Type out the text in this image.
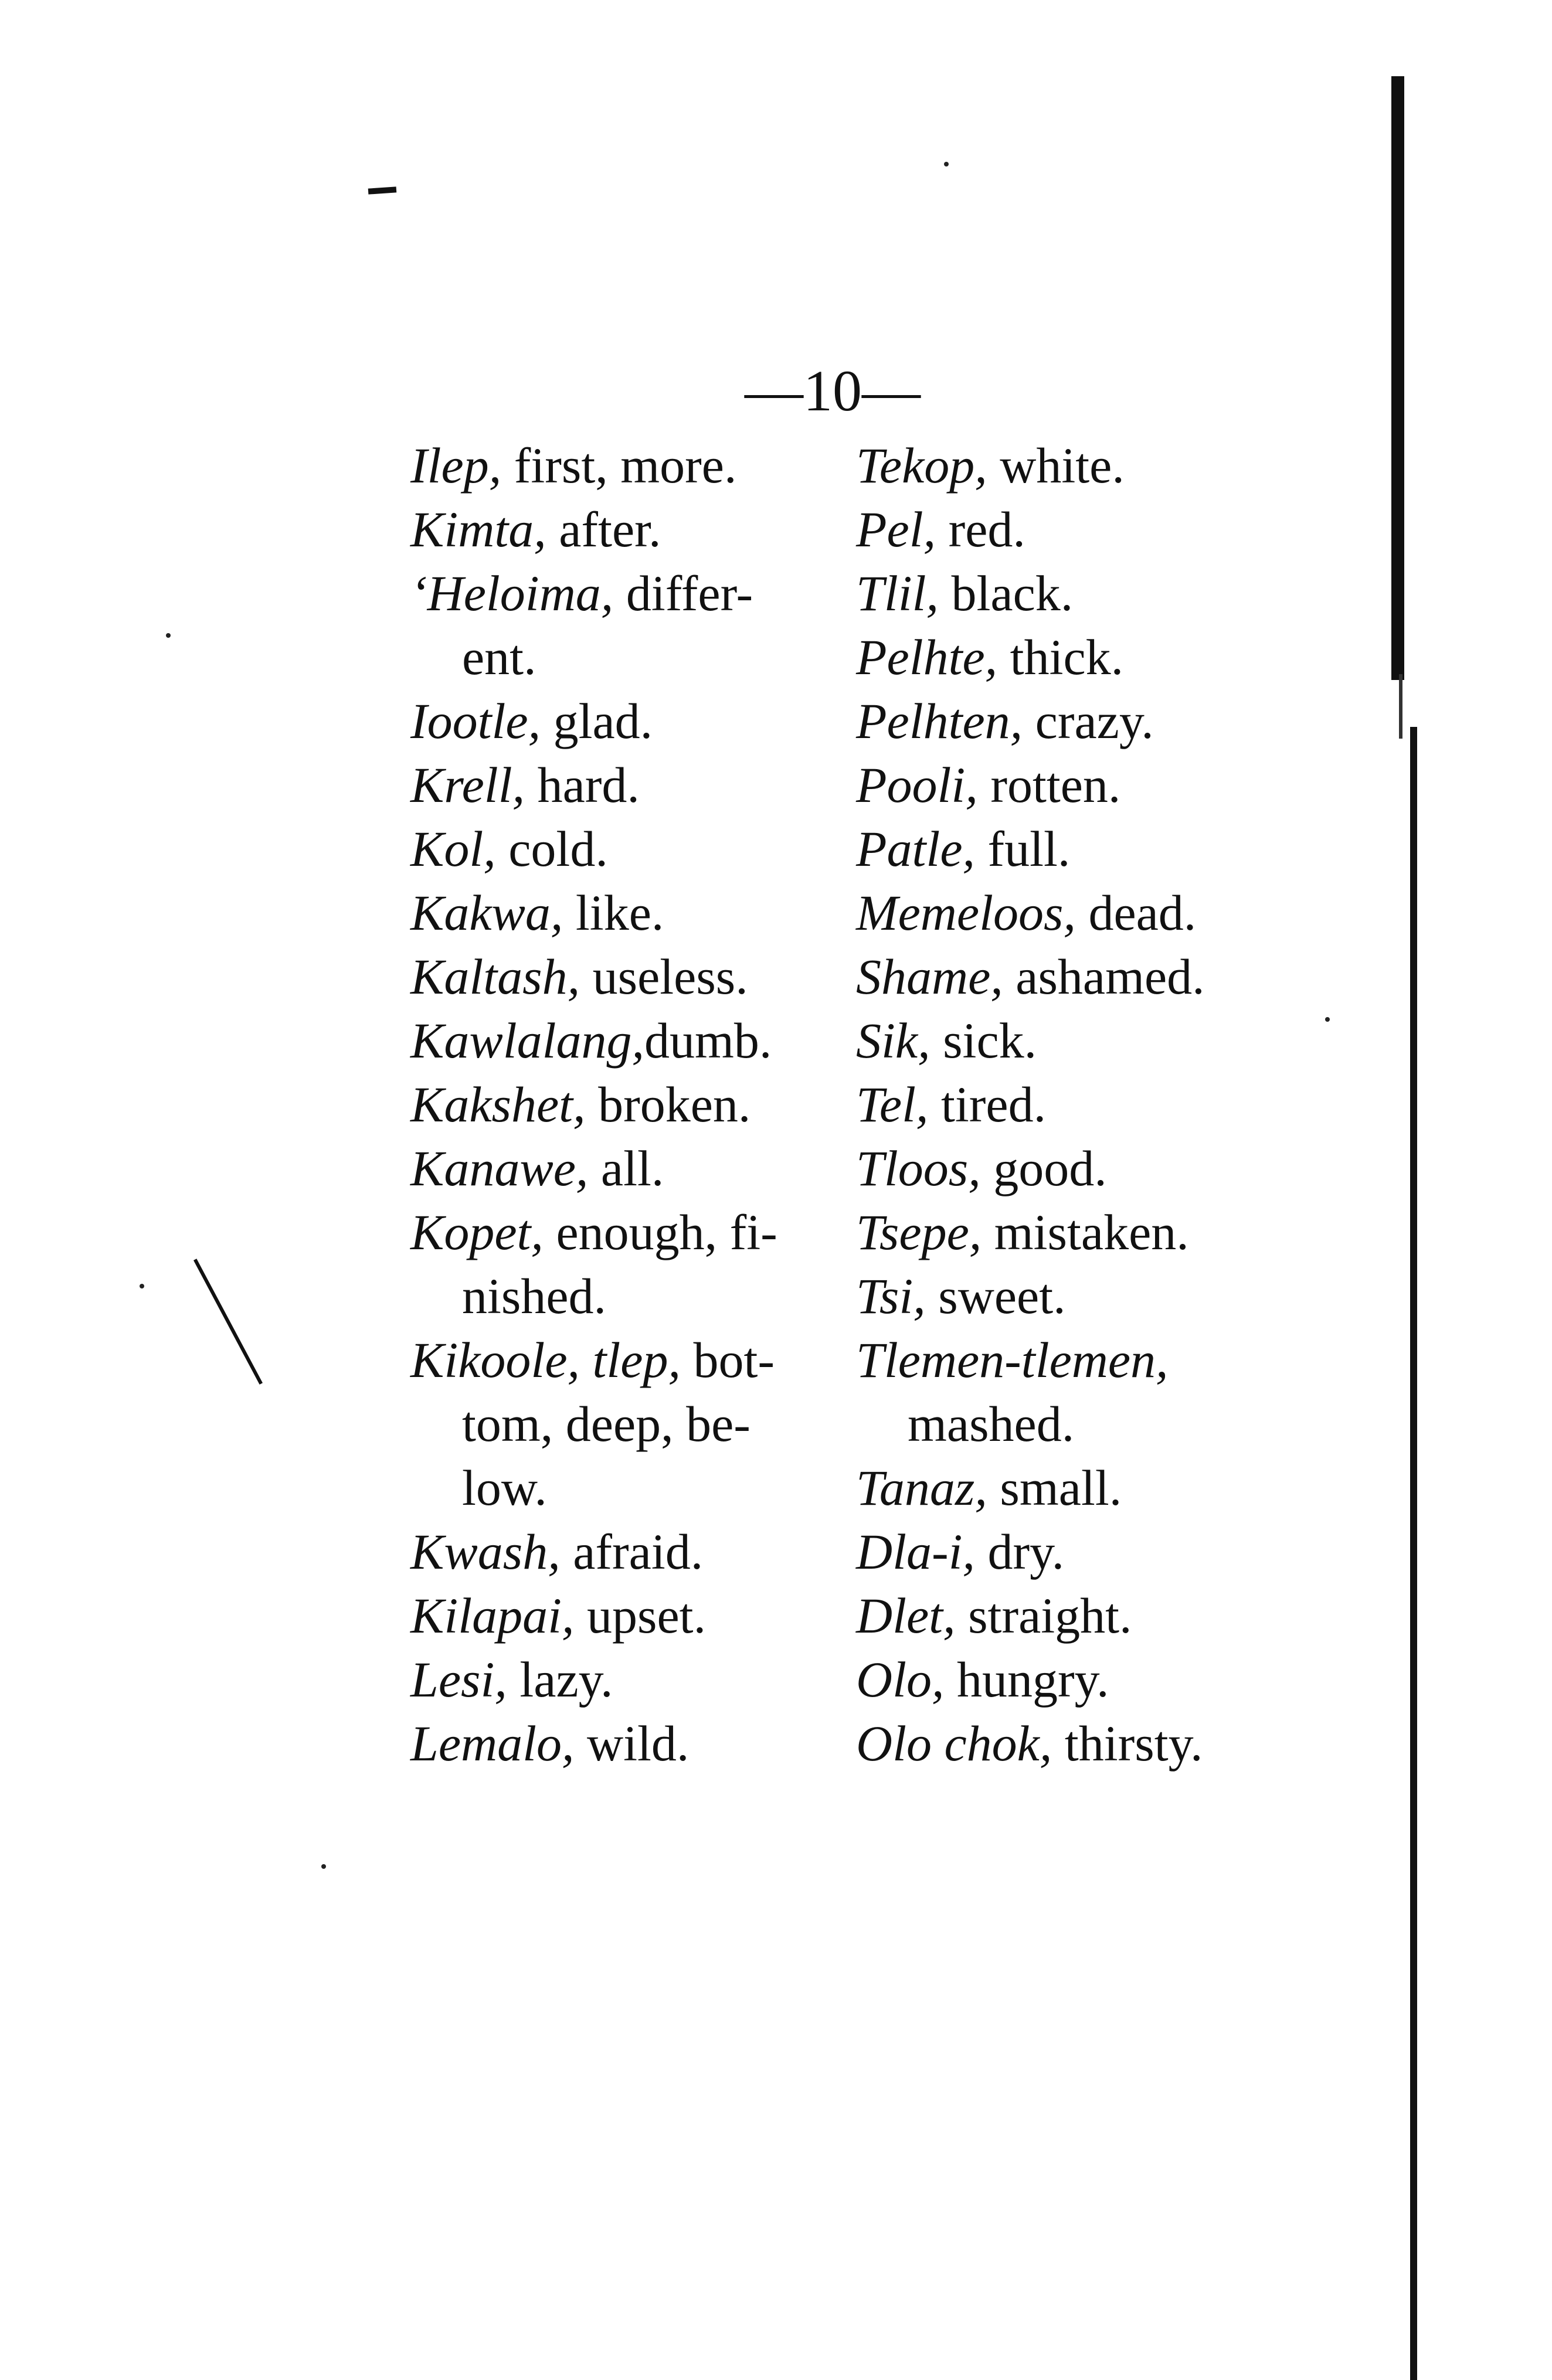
—10—
Ilep, first, more.
Kimta, after.
‘Heloima, differ-
ent.
Iootle, glad.
Krell, hard.
Kol, cold.
Kakwa, like.
Kaltash, useless.
Kawlalang,dumb.
Kakshet, broken.
Kanawe, all.
Kopet, enough, fi-
nished.
Kikoole, tlep, bot-
tom, deep, be-
low.
Kwash, afraid.
Kilapai, upset.
Lesi, lazy.
Lemalo, wild.
Tekop, white.
Pel, red.
Tlil, black.
Pelhte, thick.
Pelhten, crazy.
Pooli, rotten.
Patle, full.
Memeloos, dead.
Shame, ashamed.
Sik, sick.
Tel, tired.
Tloos, good.
Tsepe, mistaken.
Tsi, sweet.
Tlemen-tlemen,
mashed.
Tanaz, small.
Dla-i, dry.
Dlet, straight.
Olo, hungry.
Olo chok, thirsty.
